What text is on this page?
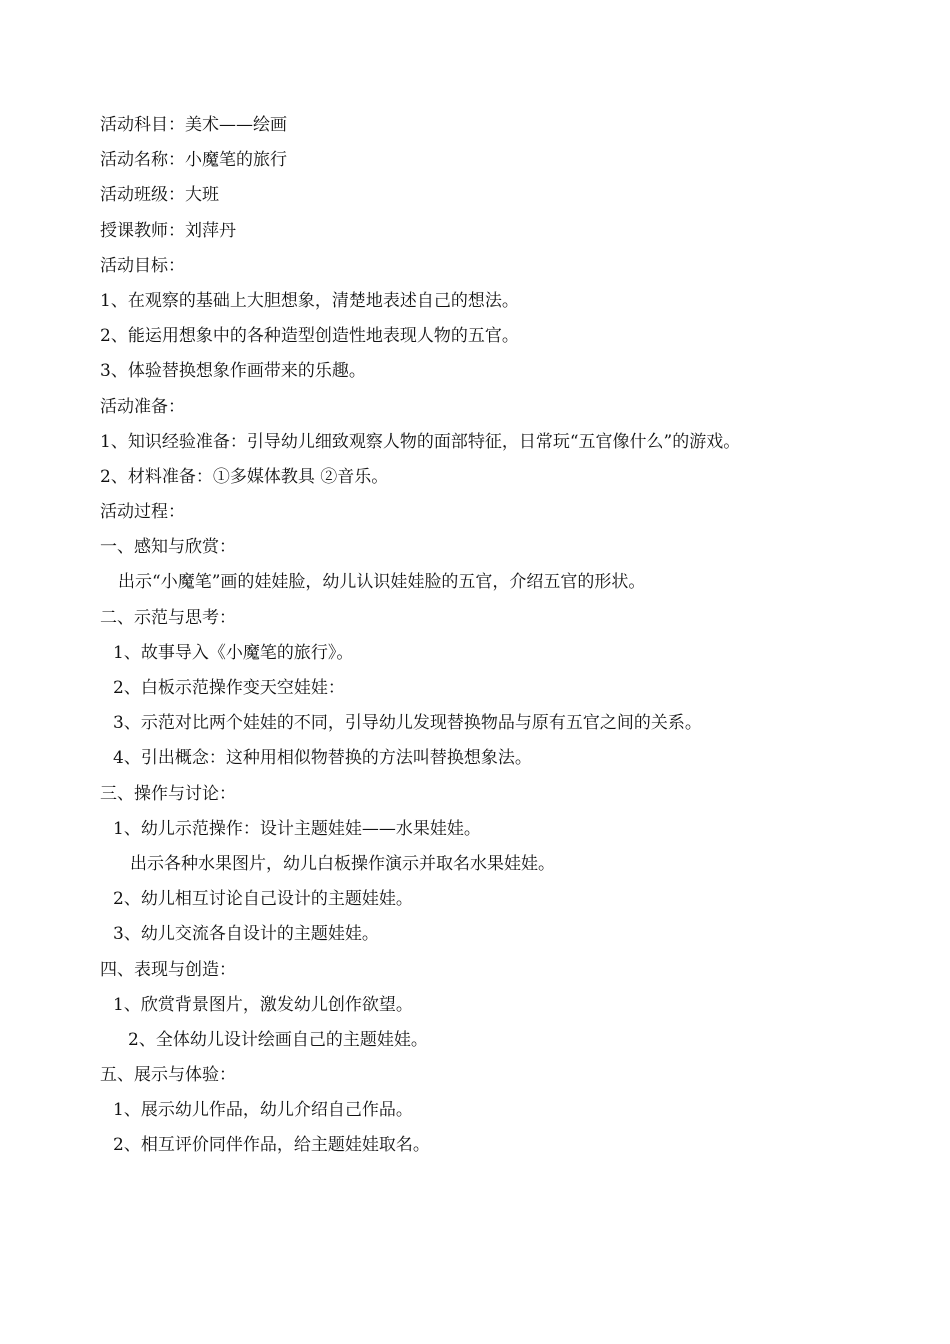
活动科目：美术——绘画
活动名称：小魔笔的旅行
活动班级：大班
授课教师：刘萍丹
活动目标：
1、在观察的基础上大胆想象，清楚地表述自己的想法。
2、能运用想象中的各种造型创造性地表现人物的五官。
3、体验替换想象作画带来的乐趣。
活动准备：
1、知识经验准备：引导幼儿细致观察人物的面部特征，日常玩“五官像什么”的游戏。
2、材料准备：①多媒体教具 ②音乐。
活动过程：
一、感知与欣赏：
出示“小魔笔”画的娃娃脸，幼儿认识娃娃脸的五官，介绍五官的形状。
二、示范与思考：
1、故事导入《小魔笔的旅行》。
2、白板示范操作变天空娃娃：
3、示范对比两个娃娃的不同，引导幼儿发现替换物品与原有五官之间的关系。
4、引出概念：这种用相似物替换的方法叫替换想象法。
三、操作与讨论：
1、幼儿示范操作：设计主题娃娃——水果娃娃。
出示各种水果图片，幼儿白板操作演示并取名水果娃娃。
2、幼儿相互讨论自己设计的主题娃娃。
3、幼儿交流各自设计的主题娃娃。
四、表现与创造：
1、欣赏背景图片，激发幼儿创作欲望。
2、全体幼儿设计绘画自己的主题娃娃。
五、展示与体验：
1、展示幼儿作品，幼儿介绍自己作品。
2、相互评价同伴作品，给主题娃娃取名。
